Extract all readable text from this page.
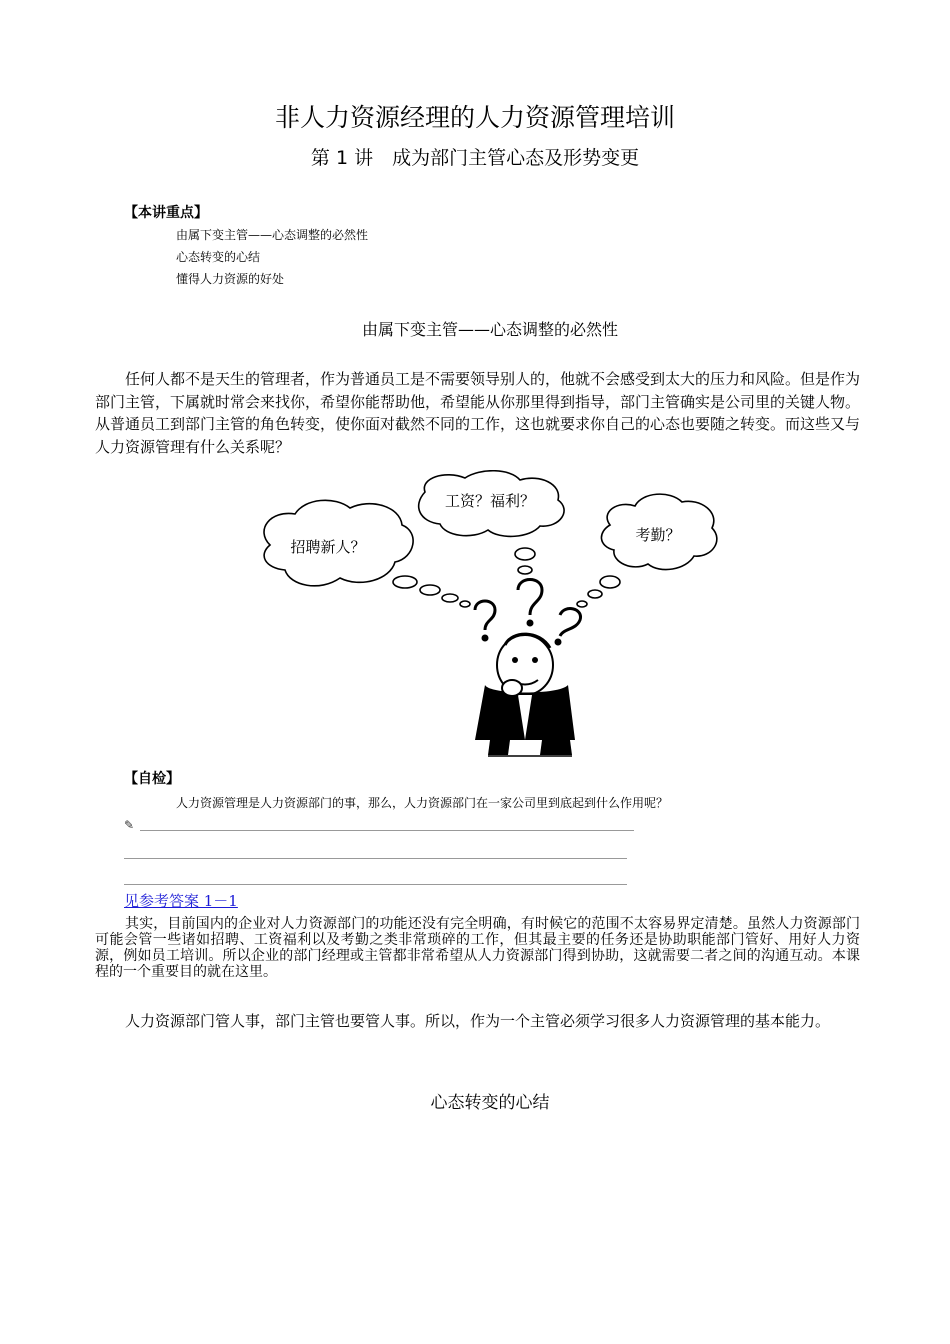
非人力资源经理的人力资源管理培训
第 1 讲　成为部门主管心态及形势变更
【本讲重点】
由属下变主管——心态调整的必然性
心态转变的心结
懂得人力资源的好处
由属下变主管——心态调整的必然性

任何人都不是天生的管理者，作为普通员工是不需要领导别人的，他就不会感受到太大的压力和风险。但是作为部门主管，下属就时常会来找你，希望你能帮助他，希望能从你那里得到指导，部门主管确实是公司里的关键人物。从普通员工到部门主管的角色转变，使你面对截然不同的工作，这也就要求你自己的心态也要随之转变。而这些又与人力资源管理有什么关系呢？

招聘新人？
工资？福利？
考勤？
【自检】
人力资源管理是人力资源部门的事，那么，人力资源部门在一家公司里到底起到什么作用呢？
✎
见参考答案 1－1

其实，目前国内的企业对人力资源部门的功能还没有完全明确，有时候它的范围不太容易界定清楚。虽然人力资源部门可能会管一些诸如招聘、工资福利以及考勤之类非常琐碎的工作，但其最主要的任务还是协助职能部门管好、用好人力资源，例如员工培训。所以企业的部门经理或主管都非常希望从人力资源部门得到协助，这就需要二者之间的沟通互动。本课程的一个重要目的就在这里。

人力资源部门管人事，部门主管也要管人事。所以，作为一个主管必须学习很多人力资源管理的基本能力。

心态转变的心结
